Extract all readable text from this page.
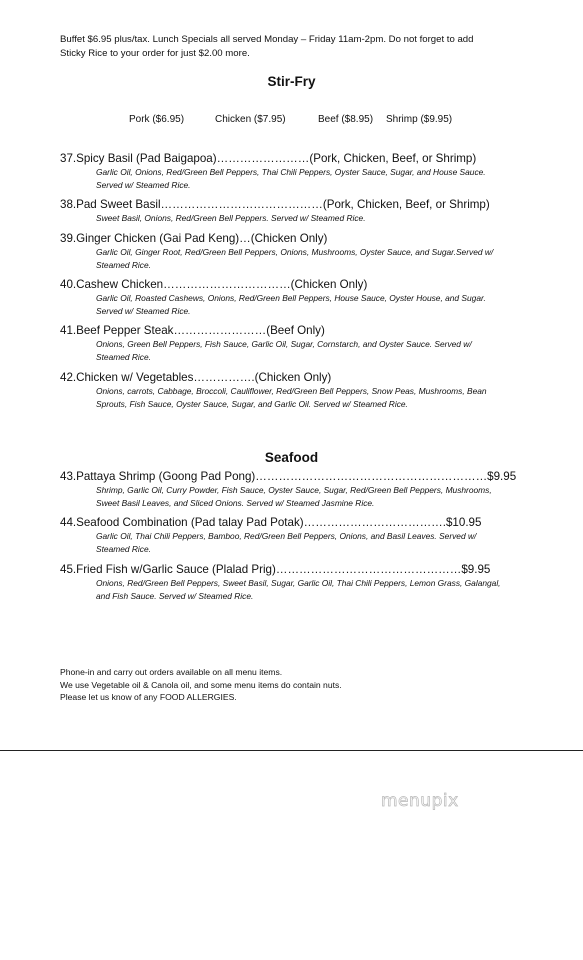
Buffet $6.95 plus/tax. Lunch Specials all served Monday – Friday 11am-2pm. Do not forget to add
Sticky Rice to your order for just $2.00 more.
Stir-Fry
Pork ($6.95)	Chicken ($7.95)	Beef ($8.95) Shrimp ($9.95)
37.Spicy Basil (Pad Baigapoa)……………………(Pork, Chicken, Beef, or Shrimp)
Garlic Oil, Onions, Red/Green Bell Peppers, Thai Chili Peppers, Oyster Sauce, Sugar, and House Sauce. Served w/ Steamed Rice.
38.Pad Sweet Basil……………………………………(Pork, Chicken, Beef, or Shrimp)
Sweet Basil, Onions, Red/Green Bell Peppers. Served w/ Steamed Rice.
39.Ginger Chicken (Gai Pad Keng)…(Chicken Only)
Garlic Oil, Ginger Root, Red/Green Bell Peppers, Onions, Mushrooms, Oyster Sauce, and Sugar.Served w/ Steamed Rice.
40.Cashew Chicken……………………………(Chicken Only)
Garlic Oil, Roasted Cashews, Onions, Red/Green Bell Peppers, House Sauce, Oyster House, and Sugar. Served w/ Steamed Rice.
41.Beef Pepper Steak……………………(Beef Only)
Onions, Green Bell Peppers, Fish Sauce, Garlic Oil, Sugar, Cornstarch, and Oyster Sauce. Served w/ Steamed Rice.
42.Chicken w/ Vegetables…………….(Chicken Only)
Onions, carrots, Cabbage, Broccoli, Cauliflower, Red/Green Bell Peppers, Snow Peas, Mushrooms, Bean Sprouts, Fish Sauce, Oyster Sauce, Sugar, and Garlic Oil. Served w/ Steamed Rice.
Seafood
43.Pattaya Shrimp (Goong Pad Pong)……………………………………………………$9.95
Shrimp, Garlic Oil, Curry Powder, Fish Sauce, Oyster Sauce, Sugar, Red/Green Bell Peppers, Mushrooms, Sweet Basil Leaves, and Sliced Onions. Served w/ Steamed Jasmine Rice.
44.Seafood Combination (Pad talay Pad Potak)……………………………….$10.95
Garlic Oil, Thai Chili Peppers, Bamboo, Red/Green Bell Peppers, Onions, and Basil Leaves. Served w/ Steamed Rice.
45.Fried Fish w/Garlic Sauce (Plalad Prig)…………………………………………$9.95
Onions, Red/Green Bell Peppers, Sweet Basil, Sugar, Garlic Oil, Thai Chili Peppers, Lemon Grass, Galangal, and Fish Sauce. Served w/ Steamed Rice.
Phone-in and carry out orders available on all menu items.
We use Vegetable oil & Canola oil, and some menu items do contain nuts.
Please let us know of any FOOD ALLERGIES.
menupix
